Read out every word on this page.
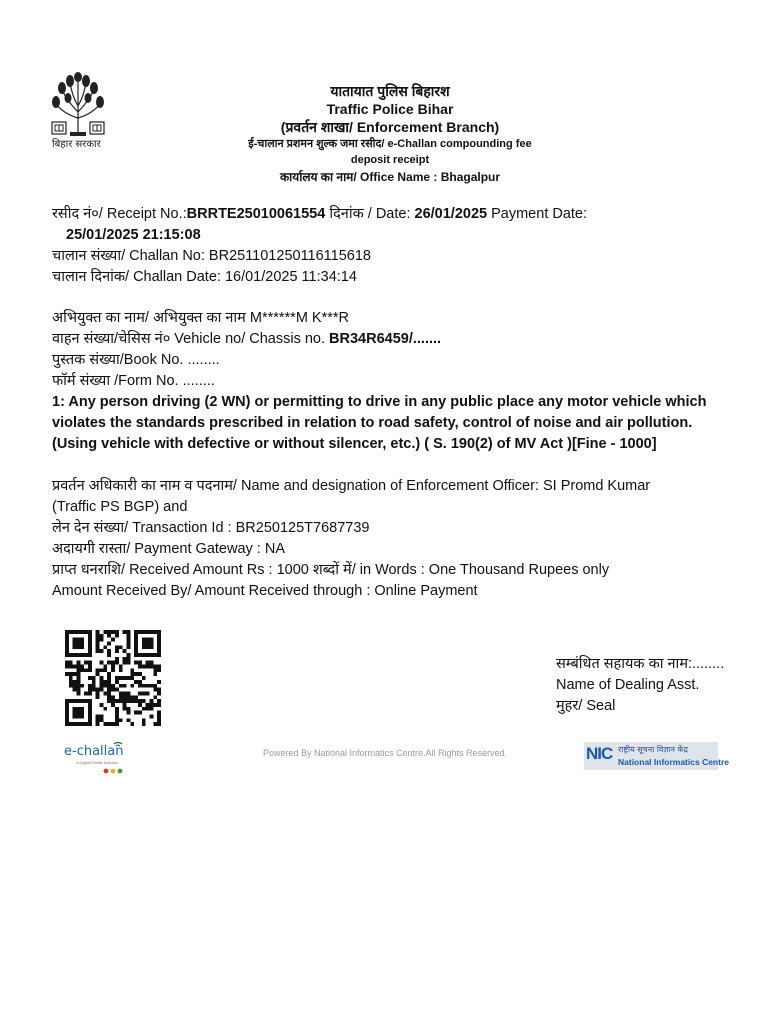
बिहार सरकार
यातायात पुलिस बिहारश
Traffic Police Bihar
(प्रवर्तन शाखा/ Enforcement Branch)
ई-चालान प्रशमन शुल्क जमा रसीद/ e-Challan compounding fee
deposit receipt
कार्यालय का नाम/ Office Name : Bhagalpur
रसीद नं०/ Receipt No.:BRRTE25010061554 दिनांक / Date: 26/01/2025 Payment Date:
25/01/2025 21:15:08
चालान संख्या/ Challan No: BR251101250116115618
चालान दिनांक/ Challan Date: 16/01/2025 11:34:14
अभियुक्त का नाम/ अभियुक्त का नाम M******M K***R
वाहन संख्या/चेसिस नं० Vehicle no/ Chassis no. BR34R6459/.......
पुस्तक संख्या/Book No. ........
फॉर्म संख्या /Form No. ........
1: Any person driving (2 WN) or permitting to drive in any public place any motor vehicle which violates the standards prescribed in relation to road safety, control of noise and air pollution. (Using vehicle with defective or without silencer, etc.) ( S. 190(2) of MV Act )[Fine - 1000]
प्रवर्तन अधिकारी का नाम व पदनाम/ Name and designation of Enforcement Officer: SI Promd Kumar
(Traffic PS BGP) and
लेन देन संख्या/ Transaction Id : BR250125T7687739
अदायगी रास्ता/ Payment Gateway : NA
प्राप्त धनराशि/ Received Amount Rs : 1000 शब्दों में/ in Words : One Thousand Rupees only
Amount Received By/ Amount Received through : Online Payment
सम्बंधित सहायक का नाम:........
Name of Dealing Asst.
मुहर/ Seal
e-challan
A Digital Traffic Solution
Powered By National Informatics Centre.All Rights Reserved.	NIC राष्ट्रीय सूचना विज्ञान केंद्र
National Informatics Centre
